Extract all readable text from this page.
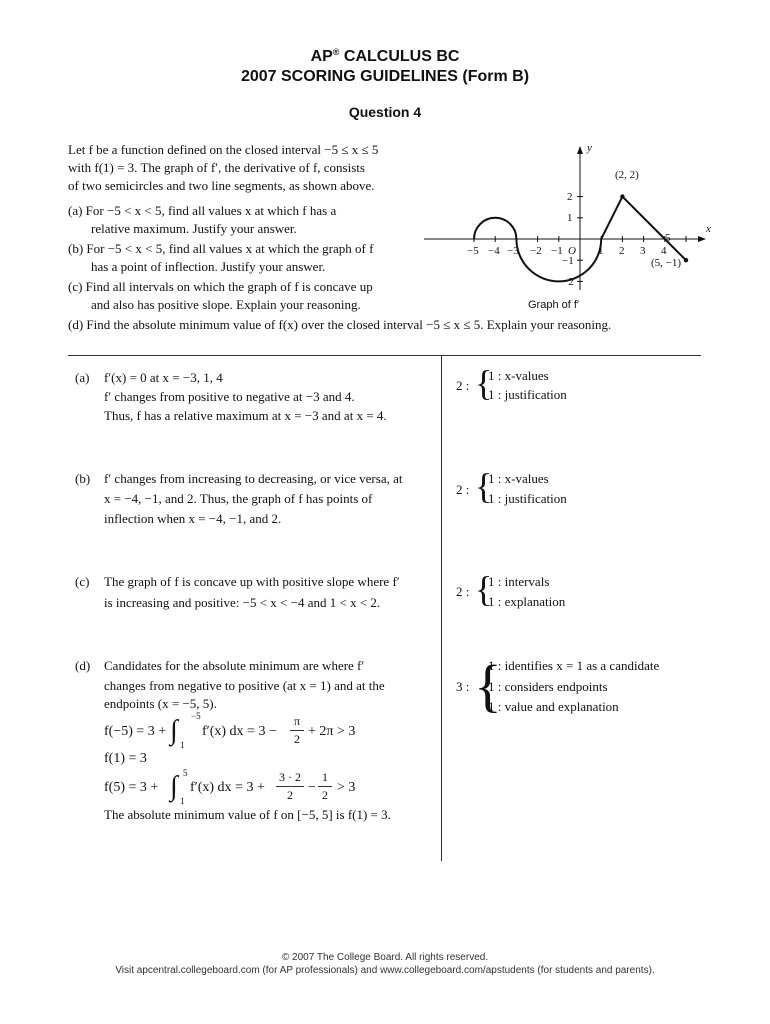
AP® CALCULUS BC
2007 SCORING GUIDELINES (Form B)
Question 4
Let f be a function defined on the closed interval −5 ≤ x ≤ 5
with f(1) = 3. The graph of f′, the derivative of f, consists
of two semicircles and two line segments, as shown above.
(a) For −5 < x < 5, find all values x at which f has a
relative maximum. Justify your answer.
(b) For −5 < x < 5, find all values x at which the graph of f
has a point of inflection. Justify your answer.
(c) Find all intervals on which the graph of f is concave up
and also has positive slope. Explain your reasoning.
(d) Find the absolute minimum value of f(x) over the closed interval −5 ≤ x ≤ 5. Explain your reasoning.
x
y
−5 −4 −3 −2 −1 O 1 2 3 4
5
2
1
−1
−2
(2, 2)
(5, −1)
Graph of f′
(a) f′(x) = 0 at x = −3, 1, 4
f′ changes from positive to negative at −3 and 4.
Thus, f has a relative maximum at x = −3 and at x = 4.
2 : {
1 : x-values
1 : justification
(b) f′ changes from increasing to decreasing, or vice versa, at
x = −4, −1, and 2. Thus, the graph of f has points of
inflection when x = −4, −1, and 2.
2 : {
1 : x-values
1 : justification
(c) The graph of f is concave up with positive slope where f′
is increasing and positive: −5 < x < −4 and 1 < x < 2.
2 : {
1 : intervals
1 : explanation
(d) Candidates for the absolute minimum are where f′
changes from negative to positive (at x = 1) and at the
endpoints (x = −5, 5).
f(−5) = 3 + ∫ −5
1
f′(x) dx = 3 −
π
2 + 2π > 3
f(1) = 3
f(5) = 3 + ∫ 5
1
f′(x) dx = 3 +
3 · 2
2	−
1
2 > 3
The absolute minimum value of f on [−5, 5] is f(1) = 3.
3 : {
1 : identifies x = 1 as a candidate
1 : considers endpoints
1 : value and explanation
© 2007 The College Board. All rights reserved.
Visit apcentral.collegeboard.com (for AP professionals) and www.collegeboard.com/apstudents (for students and parents).
